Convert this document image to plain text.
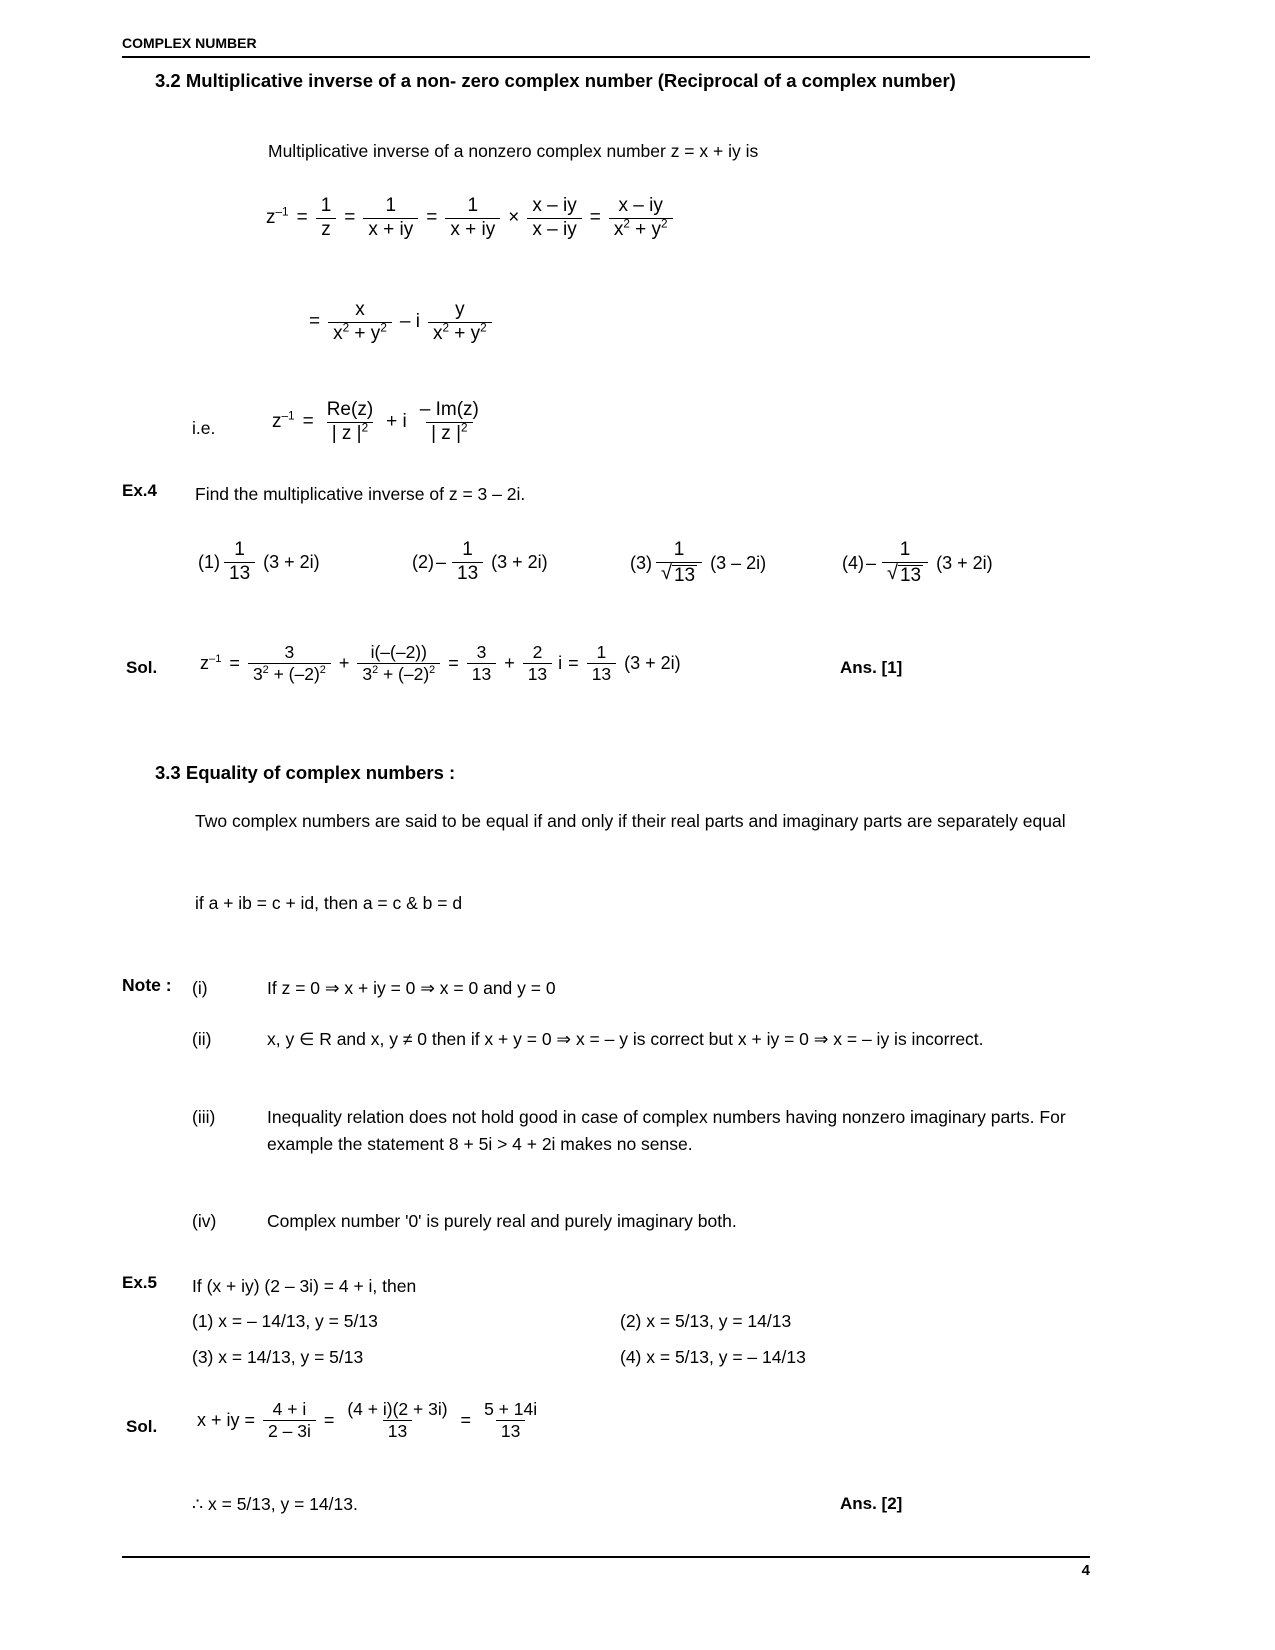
COMPLEX NUMBER
3.2 Multiplicative inverse of a non- zero complex number (Reciprocal of a complex number)
Multiplicative inverse of a nonzero complex number z = x + iy is
$z^{-1} = \frac{1}{z} = \frac{1}{x + iy} = \frac{1}{x + iy} \times \frac{x - iy}{x - iy} = \frac{x - iy}{x^2 + y^2}$
= $\frac{x}{x^2 + y^2}$ – i $\frac{y}{x^2 + y^2}$
i.e.	$z^{-1} = \frac{Re(z)}{| z |^2} + i \frac{- Im(z)}{| z |^2}$
Ex.4 Find the multiplicative inverse of z = 3 – 2i.
$(1) \frac{1}{13} (3 + 2i)$	$(2) - \frac{1}{13} (3 + 2i)$	$(3) \frac{1}{√ 13} (3 - 2i)$	$(4) - \frac{1}{√ 13} (3 + 2i)$
Sol. $z^{-1} = \frac{3}{3^2 + (-2)^2} + \frac{i(-(-2))}{3^2 + (-2)^2} = \frac{3}{13} + \frac{2}{13}$ $i = \frac{1}{13} (3 + 2i)$	Ans. [1]
3.3 Equality of complex numbers :
Two complex numbers are said to be equal if and only if their real parts and imaginary parts are separately equal
if a + ib = c + id, then a = c & b = d
Note : (i)	If z = 0 ⇒ x + iy = 0 ⇒ x = 0 and y = 0
(ii)	x, y ∈ R and x, y ≠ 0 then if x + y = 0 ⇒ x = – y is correct but x + iy = 0 ⇒ x = – iy is incorrect.
(iii)	Inequality relation does not hold good in case of complex numbers having nonzero imaginary parts. For example the statement 8 + 5i > 4 + 2i makes no sense.
(iv)	Complex number '0' is purely real and purely imaginary both.
Ex.5 If (x + iy) (2 – 3i) = 4 + i, then
(1) x = – 14/13, y = 5/13	(2) x = 5/13, y = 14/13
(3) x = 14/13, y = 5/13	(4) x = 5/13, y = – 14/13
Sol. x + iy = $\frac{4 + i}{2 - 3i} = \frac{(4 + i)(2 + 3i)}{13} = \frac{5 + 14i}{13}$
∴ x = 5/13, y = 14/13.	Ans. [2]
4
